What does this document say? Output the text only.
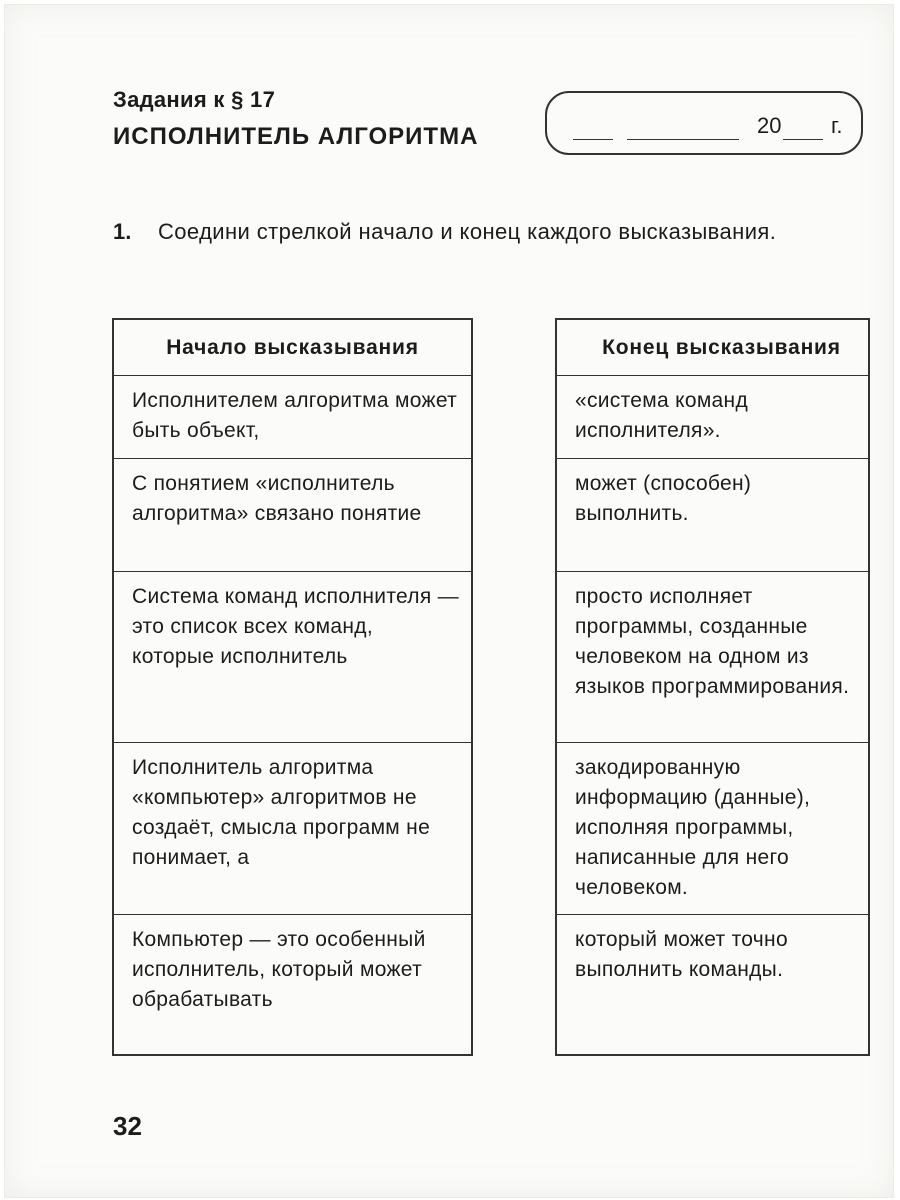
Задания к § 17
ИСПОЛНИТЕЛЬ АЛГОРИТМА	20 г.
1. Соедини стрелкой начало и конец каждого высказывания.
Начало высказывания
Исполнителем алгоритма может быть объект,
С понятием «исполнитель алгоритма» связано понятие
Система команд исполнителя — это список всех команд, которые исполнитель
Исполнитель алгоритма «компьютер» алгоритмов не создаёт, смысла программ не понимает, а
Компьютер — это особенный исполнитель, который может обрабатывать
Конец высказывания
«система команд исполнителя».
может (способен) выполнить.
просто исполняет программы, созданные человеком на одном из языков программирования.
закодированную информацию (данные), исполняя программы, написанные для него человеком.
который может точно выполнить команды.
32
